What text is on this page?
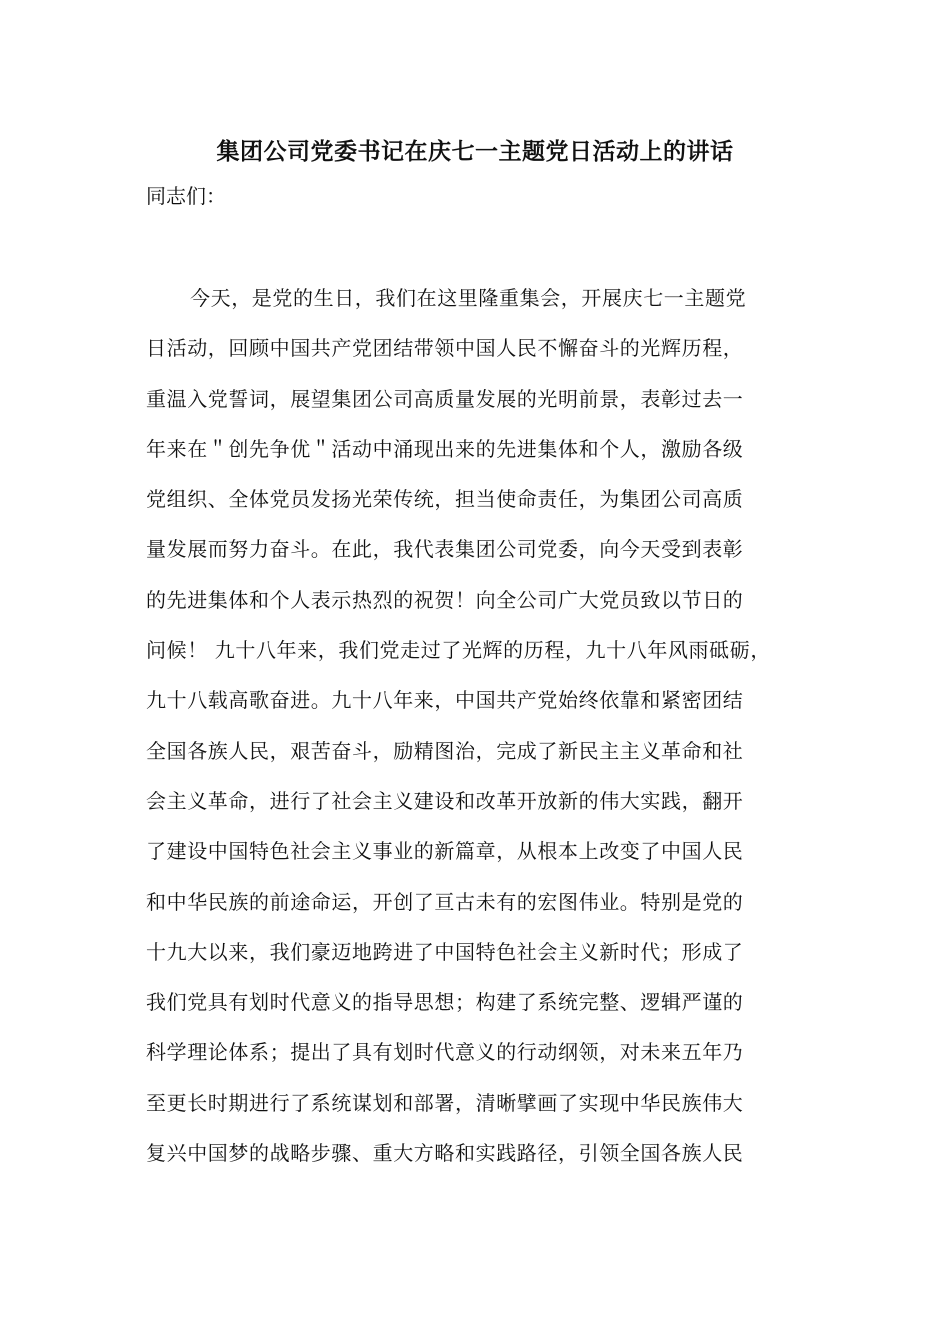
集团公司党委书记在庆七一主题党日活动上的讲话
同志们：
今天，是党的生日，我们在这里隆重集会，开展庆七一主题党
日活动，回顾中国共产党团结带领中国人民不懈奋斗的光辉历程，
重温入党誓词，展望集团公司高质量发展的光明前景，表彰过去一
年来在＂创先争优＂活动中涌现出来的先进集体和个人，激励各级
党组织、全体党员发扬光荣传统，担当使命责任，为集团公司高质
量发展而努力奋斗。在此，我代表集团公司党委，向今天受到表彰
的先进集体和个人表示热烈的祝贺！向全公司广大党员致以节日的
问候！ 九十八年来，我们党走过了光辉的历程，九十八年风雨砥砺，
九十八载高歌奋进。九十八年来，中国共产党始终依靠和紧密团结
全国各族人民，艰苦奋斗，励精图治，完成了新民主主义革命和社
会主义革命，进行了社会主义建设和改革开放新的伟大实践，翻开
了建设中国特色社会主义事业的新篇章，从根本上改变了中国人民
和中华民族的前途命运，开创了亘古未有的宏图伟业。特别是党的
十九大以来，我们豪迈地跨进了中国特色社会主义新时代；形成了
我们党具有划时代意义的指导思想；构建了系统完整、逻辑严谨的
科学理论体系；提出了具有划时代意义的行动纲领，对未来五年乃
至更长时期进行了系统谋划和部署，清晰擘画了实现中华民族伟大
复兴中国梦的战略步骤、重大方略和实践路径，引领全国各族人民
